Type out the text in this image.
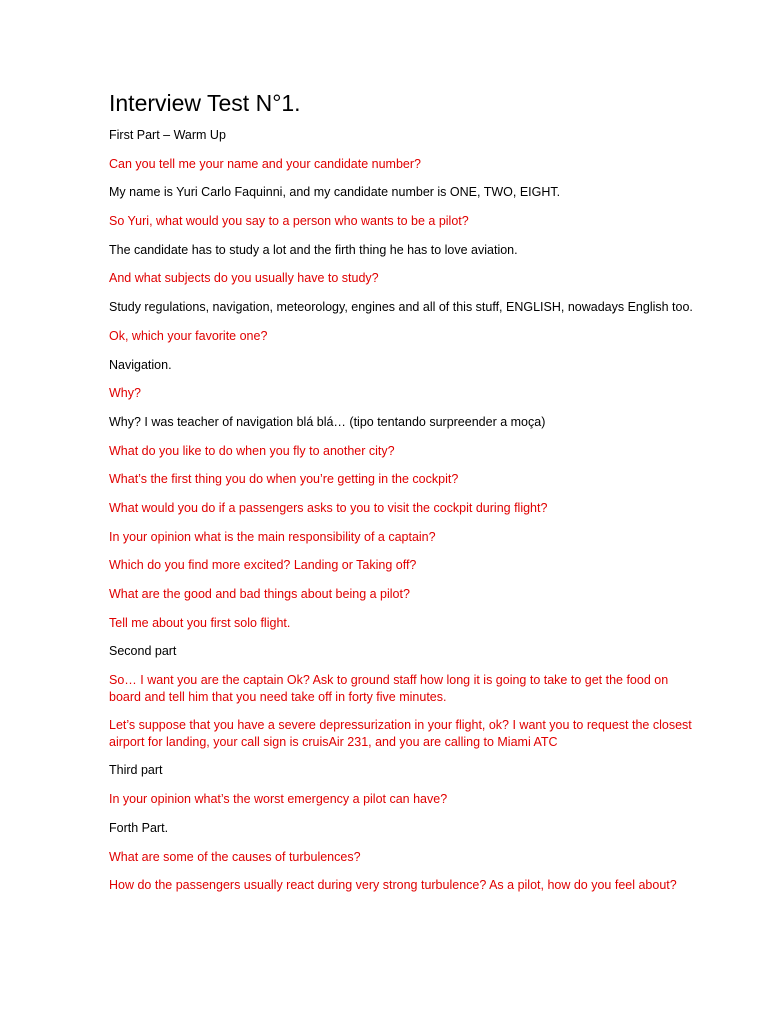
Interview Test N°1.

First Part – Warm Up

Can you tell me your name and your candidate number?

My name is Yuri Carlo Faquinni, and my candidate number is ONE, TWO, EIGHT.

So Yuri, what would you say to a person who wants to be a pilot?

The candidate has to study a lot and the firth thing he has to love aviation.

And what subjects do you usually have to study?

Study regulations, navigation, meteorology, engines and all of this stuff, ENGLISH, nowadays English too.

Ok, which your favorite one?

Navigation.

Why?

Why? I was teacher of navigation blá blá… (tipo tentando surpreender a moça)

What do you like to do when you fly to another city?

What’s the first thing you do when you’re getting in the cockpit?

What would you do if a passengers asks to you to visit the cockpit during flight?

In your opinion what is the main responsibility of a captain?

Which do you find more excited? Landing or Taking off?

What are the good and bad things about being a pilot?

Tell me about you first solo flight.

Second part

So… I want you are the captain Ok? Ask to ground staff how long it is going to take to get the food on board and tell him that you need take off in forty five minutes.

Let’s suppose that you have a severe depressurization in your flight, ok? I want you to request the closest airport for landing, your call sign is cruisAir 231, and you are calling to Miami ATC

Third part

In your opinion what’s the worst emergency a pilot can have?

Forth Part.

What are some of the causes of turbulences?

How do the passengers usually react during very strong turbulence? As a pilot, how do you feel about?
